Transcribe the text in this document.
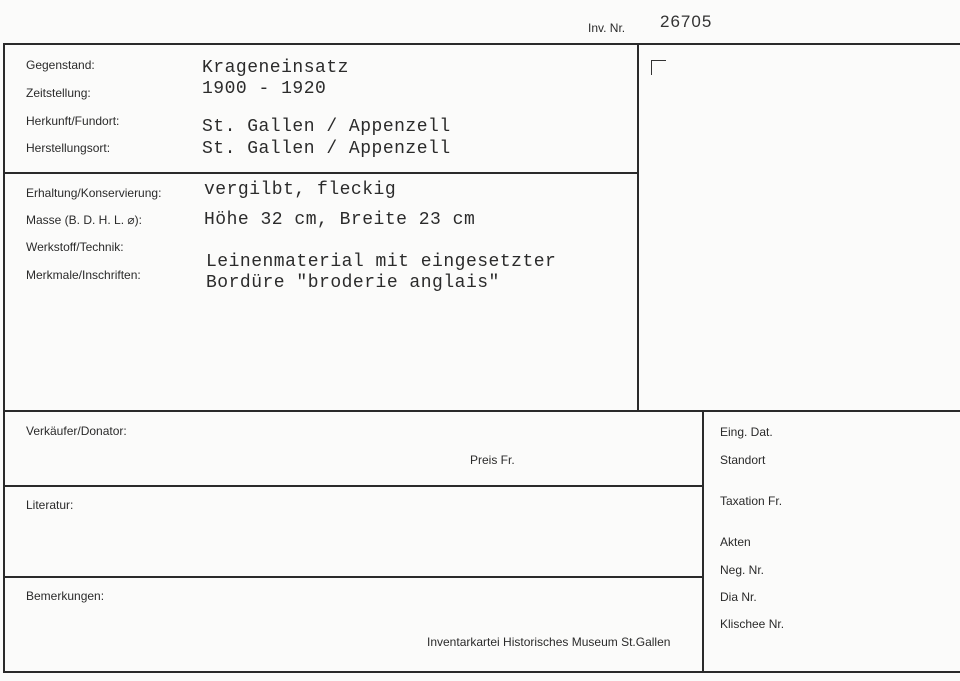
Inv. Nr. 26705
Gegenstand:
Zeitstellung:
Herkunft/Fundort:
Herstellungsort:
Krageneinsatz
1900 - 1920
St. Gallen / Appenzell
St. Gallen / Appenzell
Erhaltung/Konservierung:
Masse (B. D. H. L. ⌀):
Werkstoff/Technik:
Merkmale/Inschriften:
vergilbt, fleckig
Höhe 32 cm, Breite 23 cm
Leinenmaterial mit eingesetzter
Bordüre "broderie anglais"
Verkäufer/Donator:
Preis Fr.
Literatur:
Bemerkungen:
Inventarkartei Historisches Museum St.Gallen
Eing. Dat.
Standort
Taxation Fr.
Akten
Neg. Nr.
Dia Nr.
Klischee Nr.
